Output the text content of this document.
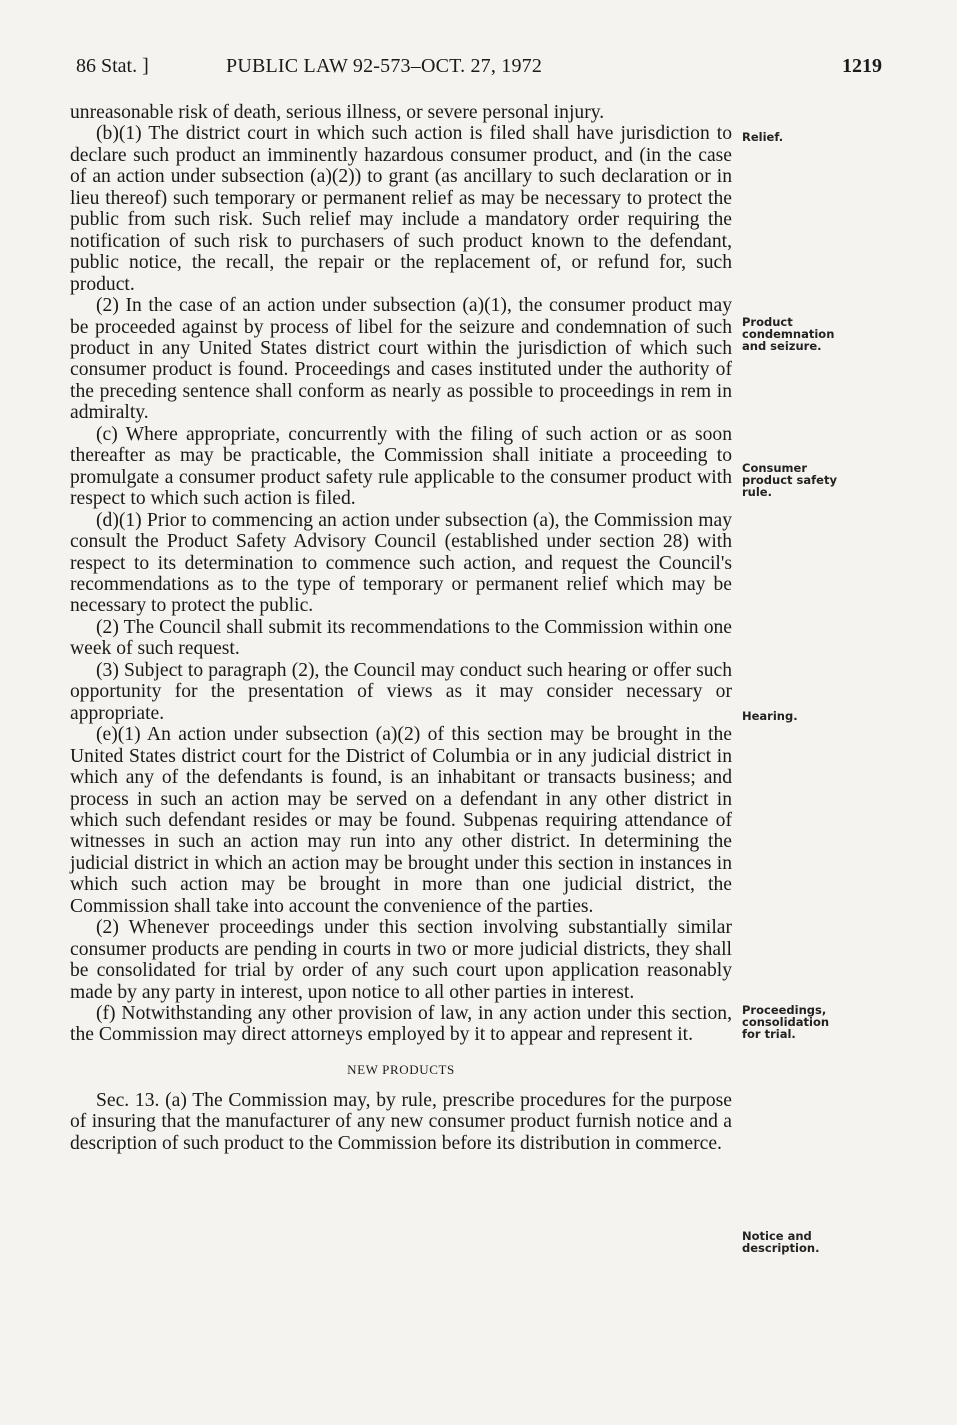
86 Stat. ]	PUBLIC LAW 92-573–OCT. 27, 1972	1219

unreasonable risk of death, serious illness, or severe personal injury.

(b)(1) The district court in which such action is filed shall have jurisdiction to declare such product an imminently hazardous consumer product, and (in the case of an action under subsection (a)(2)) to grant (as ancillary to such declaration or in lieu thereof) such temporary or permanent relief as may be necessary to protect the public from such risk. Such relief may include a mandatory order requiring the notification of such risk to purchasers of such product known to the defendant, public notice, the recall, the repair or the replacement of, or refund for, such product.

(2) In the case of an action under subsection (a)(1), the consumer product may be proceeded against by process of libel for the seizure and condemnation of such product in any United States district court within the jurisdiction of which such consumer product is found. Proceedings and cases instituted under the authority of the preceding sentence shall conform as nearly as possible to proceedings in rem in admiralty.

(c) Where appropriate, concurrently with the filing of such action or as soon thereafter as may be practicable, the Commission shall initiate a proceeding to promulgate a consumer product safety rule applicable to the consumer product with respect to which such action is filed.

(d)(1) Prior to commencing an action under subsection (a), the Commission may consult the Product Safety Advisory Council (established under section 28) with respect to its determination to commence such action, and request the Council's recommendations as to the type of temporary or permanent relief which may be necessary to protect the public.

(2) The Council shall submit its recommendations to the Commission within one week of such request.

(3) Subject to paragraph (2), the Council may conduct such hearing or offer such opportunity for the presentation of views as it may consider necessary or appropriate.

(e)(1) An action under subsection (a)(2) of this section may be brought in the United States district court for the District of Columbia or in any judicial district in which any of the defendants is found, is an inhabitant or transacts business; and process in such an action may be served on a defendant in any other district in which such defendant resides or may be found. Subpenas requiring attendance of witnesses in such an action may run into any other district. In determining the judicial district in which an action may be brought under this section in instances in which such action may be brought in more than one judicial district, the Commission shall take into account the convenience of the parties.

(2) Whenever proceedings under this section involving substantially similar consumer products are pending in courts in two or more judicial districts, they shall be consolidated for trial by order of any such court upon application reasonably made by any party in interest, upon notice to all other parties in interest.

(f) Notwithstanding any other provision of law, in any action under this section, the Commission may direct attorneys employed by it to appear and represent it.

NEW PRODUCTS

Sec. 13. (a) The Commission may, by rule, prescribe procedures for the purpose of insuring that the manufacturer of any new consumer product furnish notice and a description of such product to the Commission before its distribution in commerce.

Relief.
Product
condemnation
and seizure.
Consumer
product safety
rule.
Hearing.
Proceedings,
consolidation
for trial.
Notice and
description.
